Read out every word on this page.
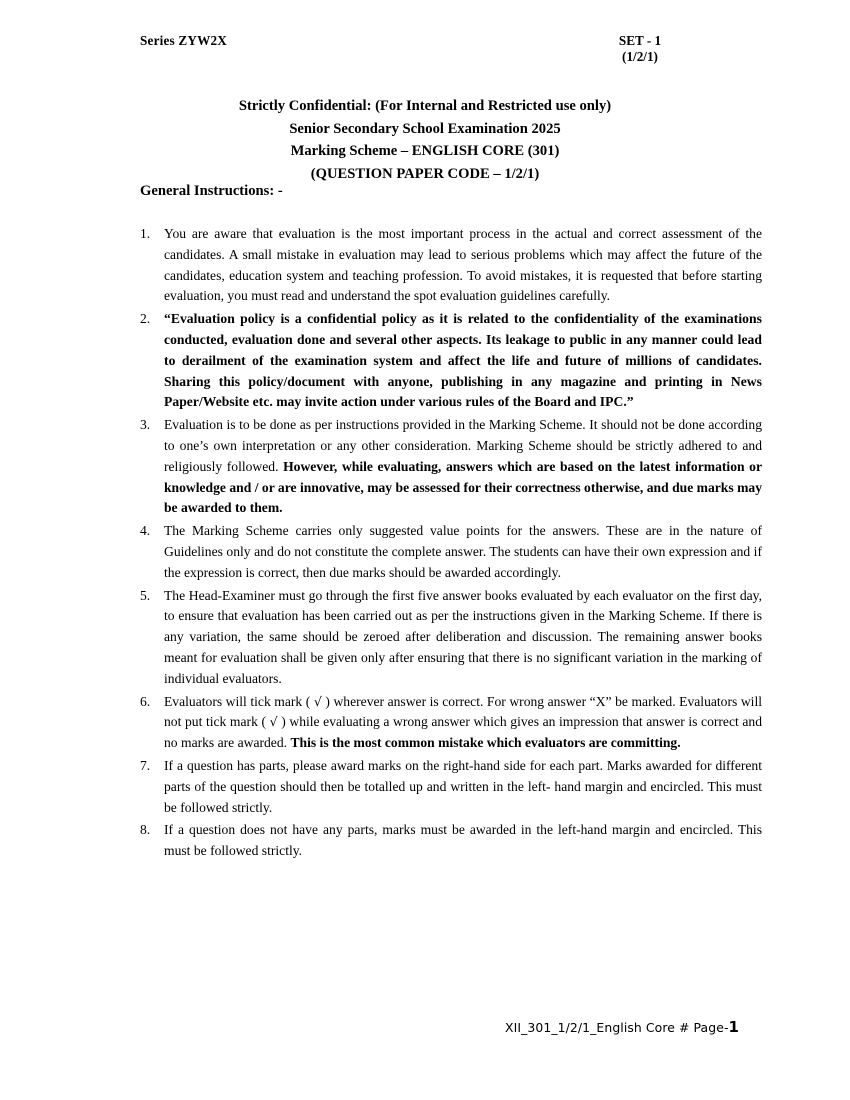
Series ZYW2X	SET - 1
(1/2/1)
Strictly Confidential: (For Internal and Restricted use only)
Senior Secondary School Examination 2025
Marking Scheme – ENGLISH CORE (301)
(QUESTION PAPER CODE – 1/2/1)
General Instructions: -
1.	You are aware that evaluation is the most important process in the actual and correct assessment of the candidates. A small mistake in evaluation may lead to serious problems which may affect the future of the candidates, education system and teaching profession. To avoid mistakes, it is requested that before starting evaluation, you must read and understand the spot evaluation guidelines carefully.
2.	“Evaluation policy is a confidential policy as it is related to the confidentiality of the examinations conducted, evaluation done and several other aspects. Its leakage to public in any manner could lead to derailment of the examination system and affect the life and future of millions of candidates. Sharing this policy/document with anyone, publishing in any magazine and printing in News Paper/Website etc. may invite action under various rules of the Board and IPC.”
3.	Evaluation is to be done as per instructions provided in the Marking Scheme. It should not be done according to one’s own interpretation or any other consideration. Marking Scheme should be strictly adhered to and religiously followed. However, while evaluating, answers which are based on the latest information or knowledge and / or are innovative, may be assessed for their correctness otherwise, and due marks may be awarded to them.
4.	The Marking Scheme carries only suggested value points for the answers. These are in the nature of Guidelines only and do not constitute the complete answer. The students can have their own expression and if the expression is correct, then due marks should be awarded accordingly.
5.	The Head-Examiner must go through the first five answer books evaluated by each evaluator on the first day, to ensure that evaluation has been carried out as per the instructions given in the Marking Scheme. If there is any variation, the same should be zeroed after deliberation and discussion. The remaining answer books meant for evaluation shall be given only after ensuring that there is no significant variation in the marking of individual evaluators.
6.	Evaluators will tick mark ( √ ) wherever answer is correct. For wrong answer “X” be marked. Evaluators will not put tick mark ( √ ) while evaluating a wrong answer which gives an impression that answer is correct and no marks are awarded. This is the most common mistake which evaluators are committing.
7.	If a question has parts, please award marks on the right-hand side for each part. Marks awarded for different parts of the question should then be totalled up and written in the left- hand margin and encircled. This must be followed strictly.
8.	If a question does not have any parts, marks must be awarded in the left-hand margin and encircled. This must be followed strictly.
XII_301_1/2/1_English Core # Page-1
